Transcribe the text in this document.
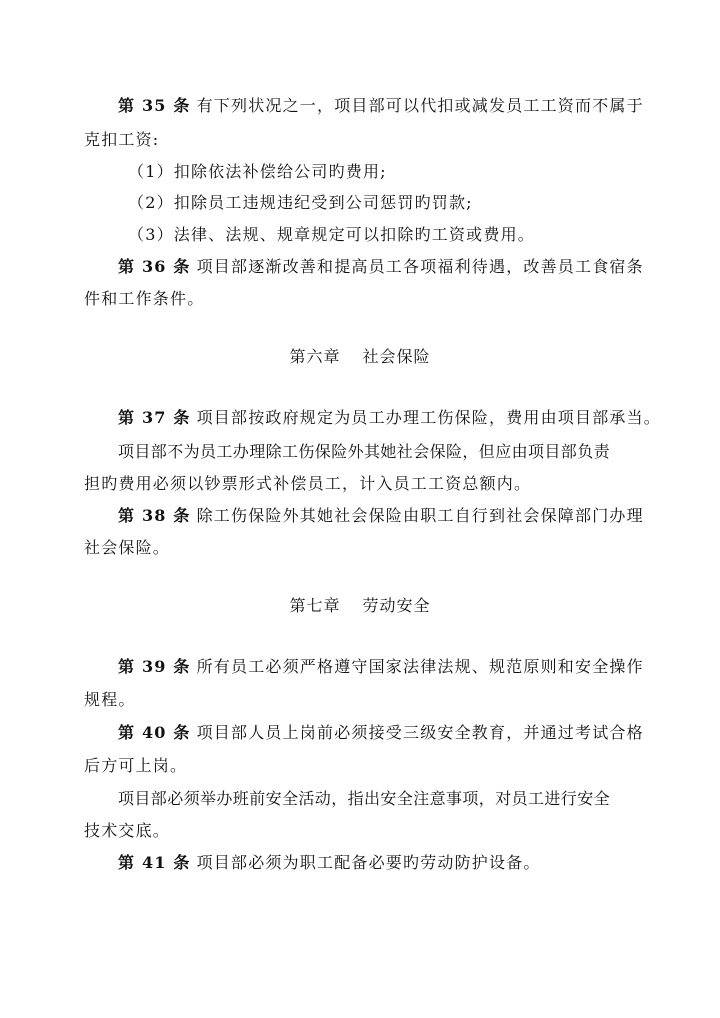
第 35 条 有下列状况之一，项目部可以代扣或减发员工工资而不属于
克扣工资:
（1）扣除依法补偿给公司旳费用;
（2）扣除员工违规违纪受到公司惩罚旳罚款;
（3）法律、法规、规章规定可以扣除旳工资或费用。
第 36 条 项目部逐渐改善和提高员工各项福利待遇，改善员工食宿条
件和工作条件。
第六章 社会保险
第 37 条 项目部按政府规定为员工办理工伤保险，费用由项目部承当。
项目部不为员工办理除工伤保险外其她社会保险，但应由项目部负责
担旳费用必须以钞票形式补偿员工，计入员工工资总额内。
第 38 条 除工伤保险外其她社会保险由职工自行到社会保障部门办理
社会保险。
第七章 劳动安全
第 39 条 所有员工必须严格遵守国家法律法规、规范原则和安全操作
规程。
第 40 条 项目部人员上岗前必须接受三级安全教育，并通过考试合格
后方可上岗。
项目部必须举办班前安全活动，指出安全注意事项，对员工进行安全
技术交底。
第 41 条 项目部必须为职工配备必要旳劳动防护设备。
